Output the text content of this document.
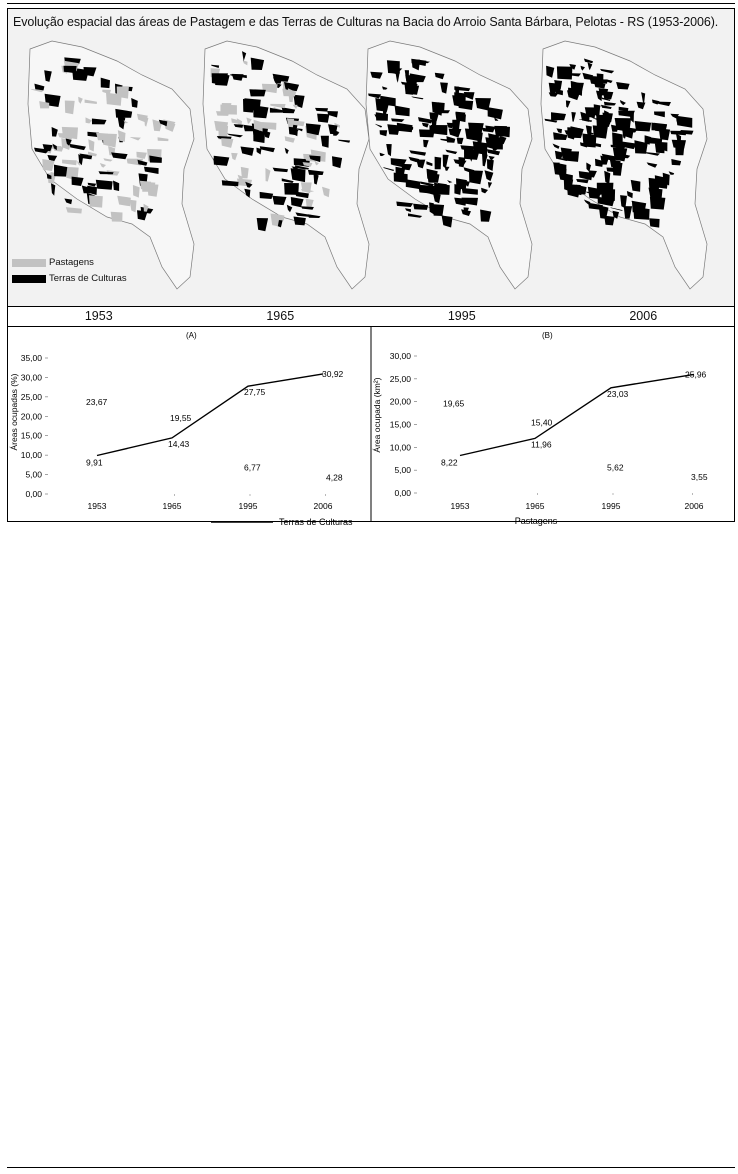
Evolução espacial das áreas de Pastagem e das Terras de Culturas na Bacia do Arroio Santa Bárbara, Pelotas - RS (1953-2006).
Pastagens
Terras de Culturas
1953	1965	1995	2006
(A)
35,00
30,00
25,00
20,00
15,00
10,00
5,00
0,00
Áreas ocupadas (%)
1953	1965	1995	2006
9,91
14,43
27,75
30,92
23,67
19,55
6,77
4,28
Terras de Culturas
(B)
30,00
25,00
20,00
15,00
10,00
5,00
0,00
Área ocupada (km²)
1953	1965	1995	2006
8,22
11,96
23,03
25,96
19,65
15,40
5,62
3,55
Pastagens
